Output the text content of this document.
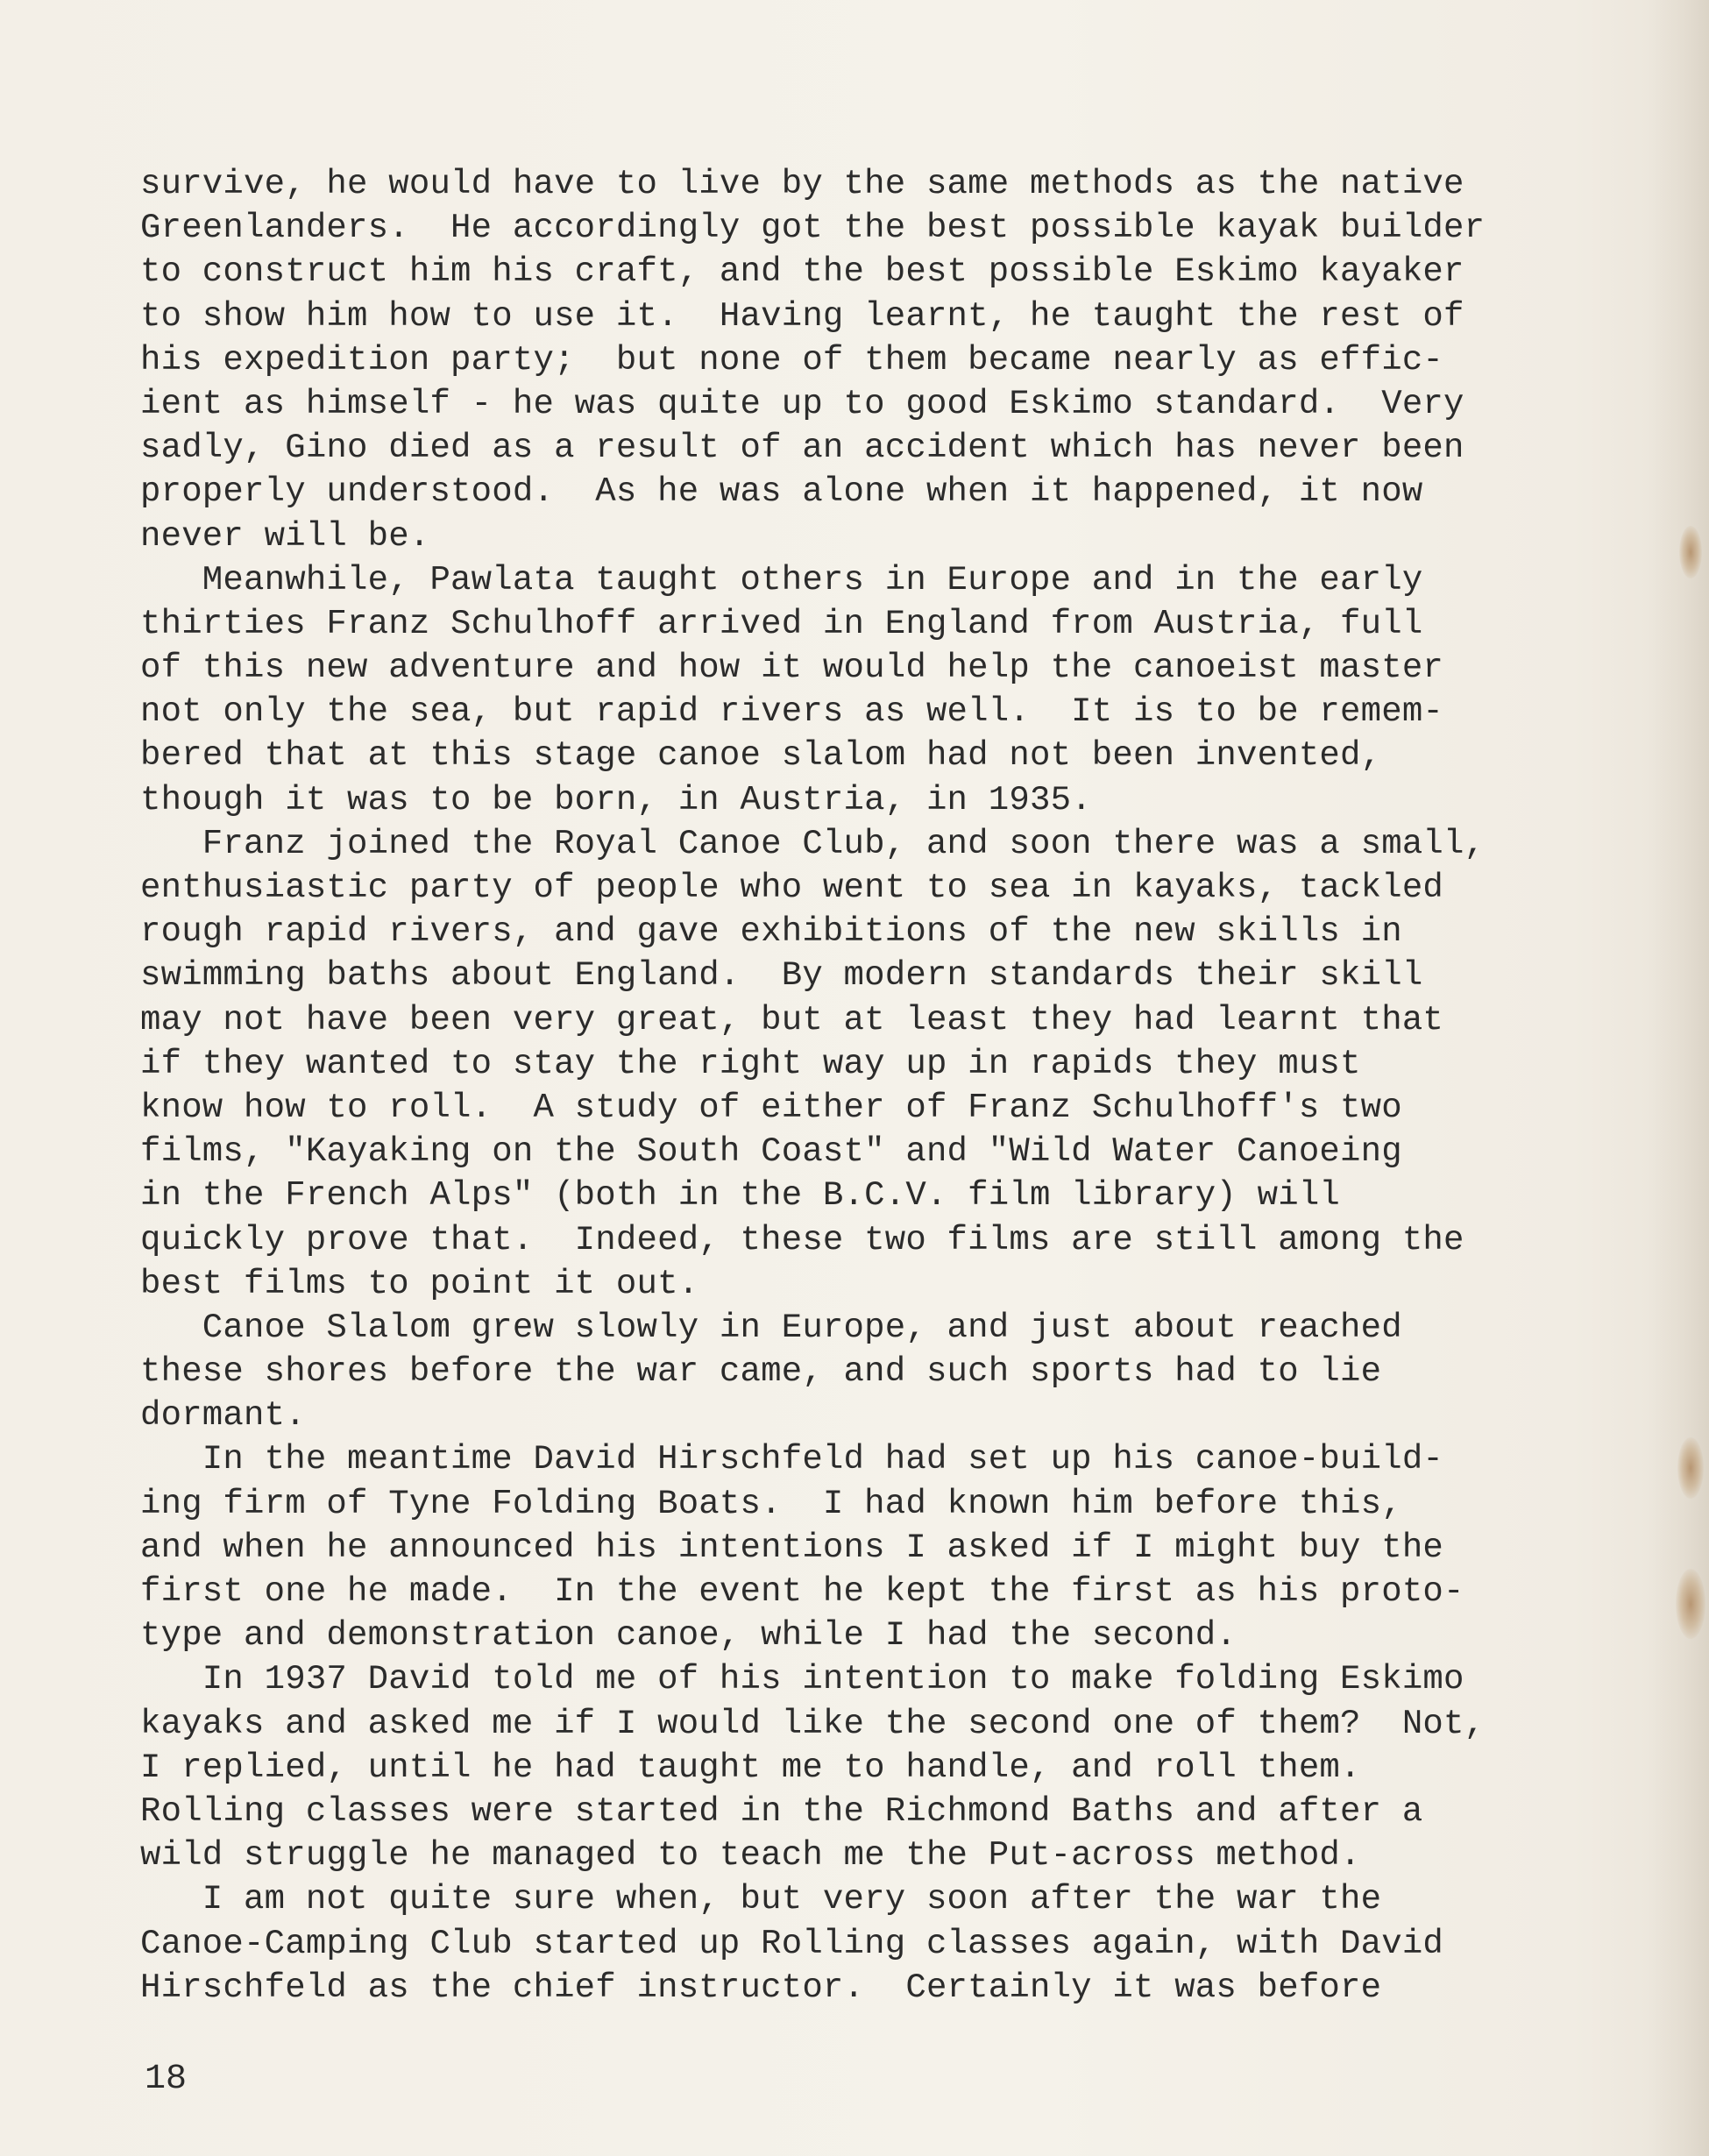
survive, he would have to live by the same methods as the native
Greenlanders.  He accordingly got the best possible kayak builder
to construct him his craft, and the best possible Eskimo kayaker
to show him how to use it.  Having learnt, he taught the rest of
his expedition party;  but none of them became nearly as effic-
ient as himself - he was quite up to good Eskimo standard.  Very
sadly, Gino died as a result of an accident which has never been
properly understood.  As he was alone when it happened, it now
never will be.
Meanwhile, Pawlata taught others in Europe and in the early
thirties Franz Schulhoff arrived in England from Austria, full
of this new adventure and how it would help the canoeist master
not only the sea, but rapid rivers as well.  It is to be remem-
bered that at this stage canoe slalom had not been invented,
though it was to be born, in Austria, in 1935.
Franz joined the Royal Canoe Club, and soon there was a small,
enthusiastic party of people who went to sea in kayaks, tackled
rough rapid rivers, and gave exhibitions of the new skills in
swimming baths about England.  By modern standards their skill
may not have been very great, but at least they had learnt that
if they wanted to stay the right way up in rapids they must
know how to roll.  A study of either of Franz Schulhoff's two
films, "Kayaking on the South Coast" and "Wild Water Canoeing
in the French Alps" (both in the B.C.V. film library) will
quickly prove that.  Indeed, these two films are still among the
best films to point it out.
Canoe Slalom grew slowly in Europe, and just about reached
these shores before the war came, and such sports had to lie
dormant.
In the meantime David Hirschfeld had set up his canoe-build-
ing firm of Tyne Folding Boats.  I had known him before this,
and when he announced his intentions I asked if I might buy the
first one he made.  In the event he kept the first as his proto-
type and demonstration canoe, while I had the second.
In 1937 David told me of his intention to make folding Eskimo
kayaks and asked me if I would like the second one of them?  Not,
I replied, until he had taught me to handle, and roll them.
Rolling classes were started in the Richmond Baths and after a
wild struggle he managed to teach me the Put-across method.
I am not quite sure when, but very soon after the war the
Canoe-Camping Club started up Rolling classes again, with David
Hirschfeld as the chief instructor.  Certainly it was before
18
